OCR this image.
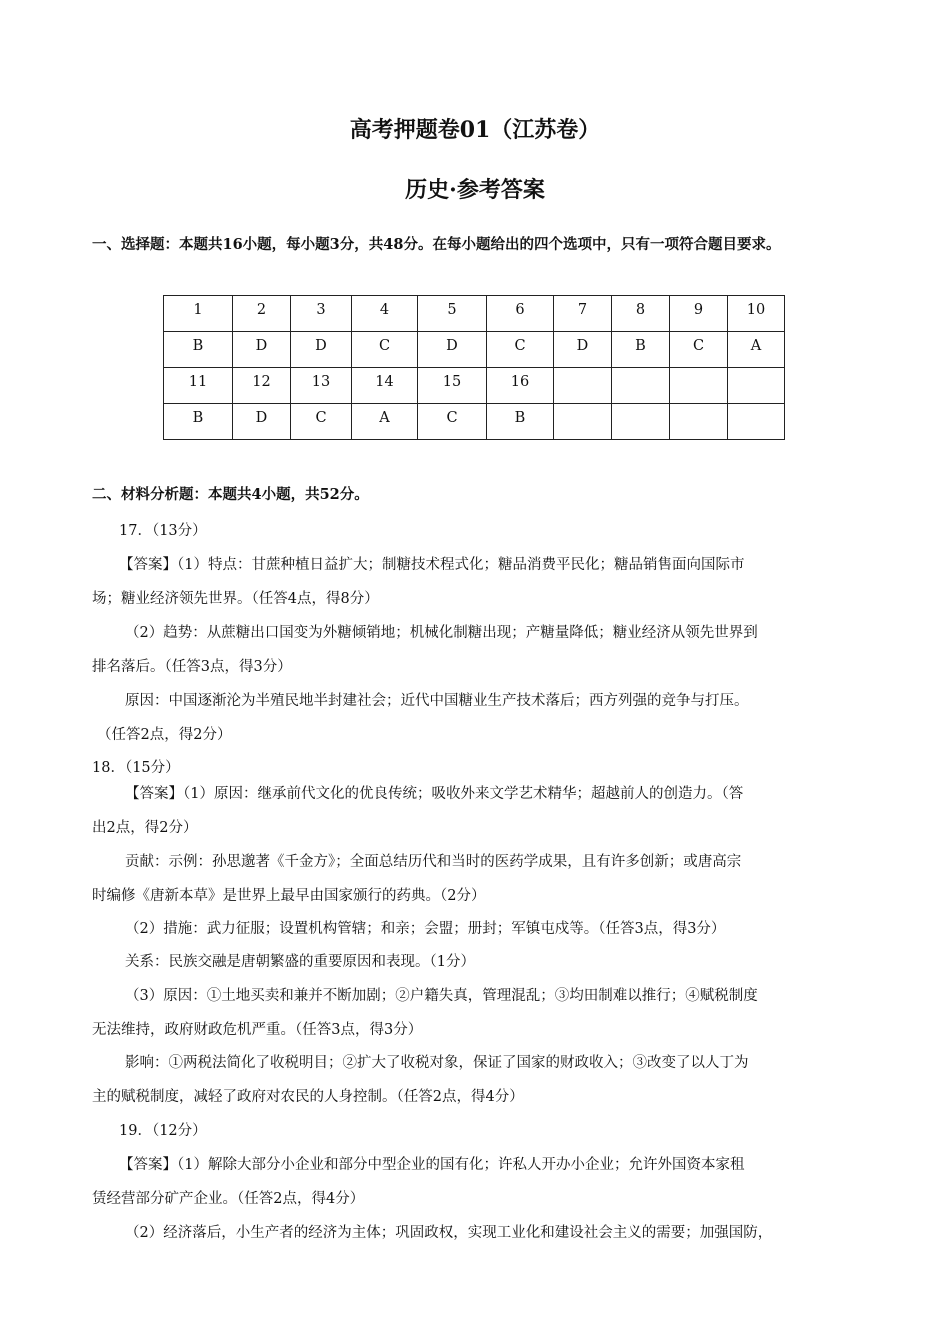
高考押题卷01（江苏卷）
历史·参考答案
一、选择题：本题共16小题，每小题3分，共48分。在每小题给出的四个选项中，只有一项符合题目要求。
1	2	3	4	5	6	7	8	9	10
B	D	D	C	D	C	D	B	C	A
11	12	13	14	15	16				
B	D	C	A	C	B				
二、材料分析题：本题共4小题，共52分。
17．（13分）
【答案】（1）特点：甘蔗种植日益扩大；制糖技术程式化；糖品消费平民化；糖品销售面向国际市
场；糖业经济领先世界。（任答4点，得8分）
（2）趋势：从蔗糖出口国变为外糖倾销地；机械化制糖出现；产糖量降低；糖业经济从领先世界到
排名落后。（任答3点，得3分）
原因：中国逐渐沦为半殖民地半封建社会；近代中国糖业生产技术落后；西方列强的竞争与打压。
（任答2点，得2分）
18．（15分）
【答案】（1）原因：继承前代文化的优良传统；吸收外来文学艺术精华；超越前人的创造力。（答
出2点，得2分）
贡献：示例：孙思邈著《千金方》；全面总结历代和当时的医药学成果，且有许多创新；或唐高宗
时编修《唐新本草》是世界上最早由国家颁行的药典。（2分）
（2）措施：武力征服；设置机构管辖；和亲；会盟；册封；军镇屯戍等。（任答3点，得3分）
关系：民族交融是唐朝繁盛的重要原因和表现。（1分）
（3）原因：①土地买卖和兼并不断加剧；②户籍失真，管理混乱；③均田制难以推行；④赋税制度
无法维持，政府财政危机严重。（任答3点，得3分）
影响：①两税法简化了收税明目；②扩大了收税对象，保证了国家的财政收入；③改变了以人丁为
主的赋税制度，减轻了政府对农民的人身控制。（任答2点，得4分）
19．（12分）
【答案】（1）解除大部分小企业和部分中型企业的国有化；许私人开办小企业；允许外国资本家租
赁经营部分矿产企业。（任答2点，得4分）
（2）经济落后，小生产者的经济为主体；巩固政权，实现工业化和建设社会主义的需要；加强国防，
